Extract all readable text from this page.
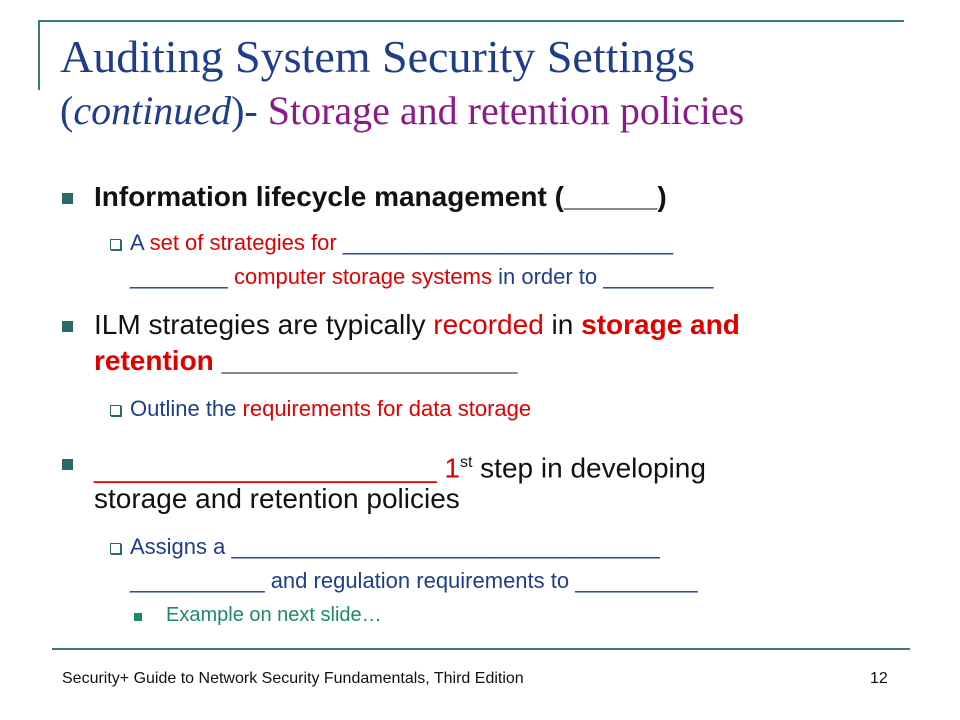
Auditing System Security Settings
(continued)- Storage and retention policies
Information lifecycle management (______)
A set of strategies for ___________________________
________ computer storage systems in order to _________
ILM strategies are typically recorded in storage and
retention ___________________
Outline the requirements for data storage
______________________ 1st step in developing
storage and retention policies
Assigns a ___________________________________
___________ and regulation requirements to __________
Example on next slide…
Security+ Guide to Network Security Fundamentals, Third Edition	12
